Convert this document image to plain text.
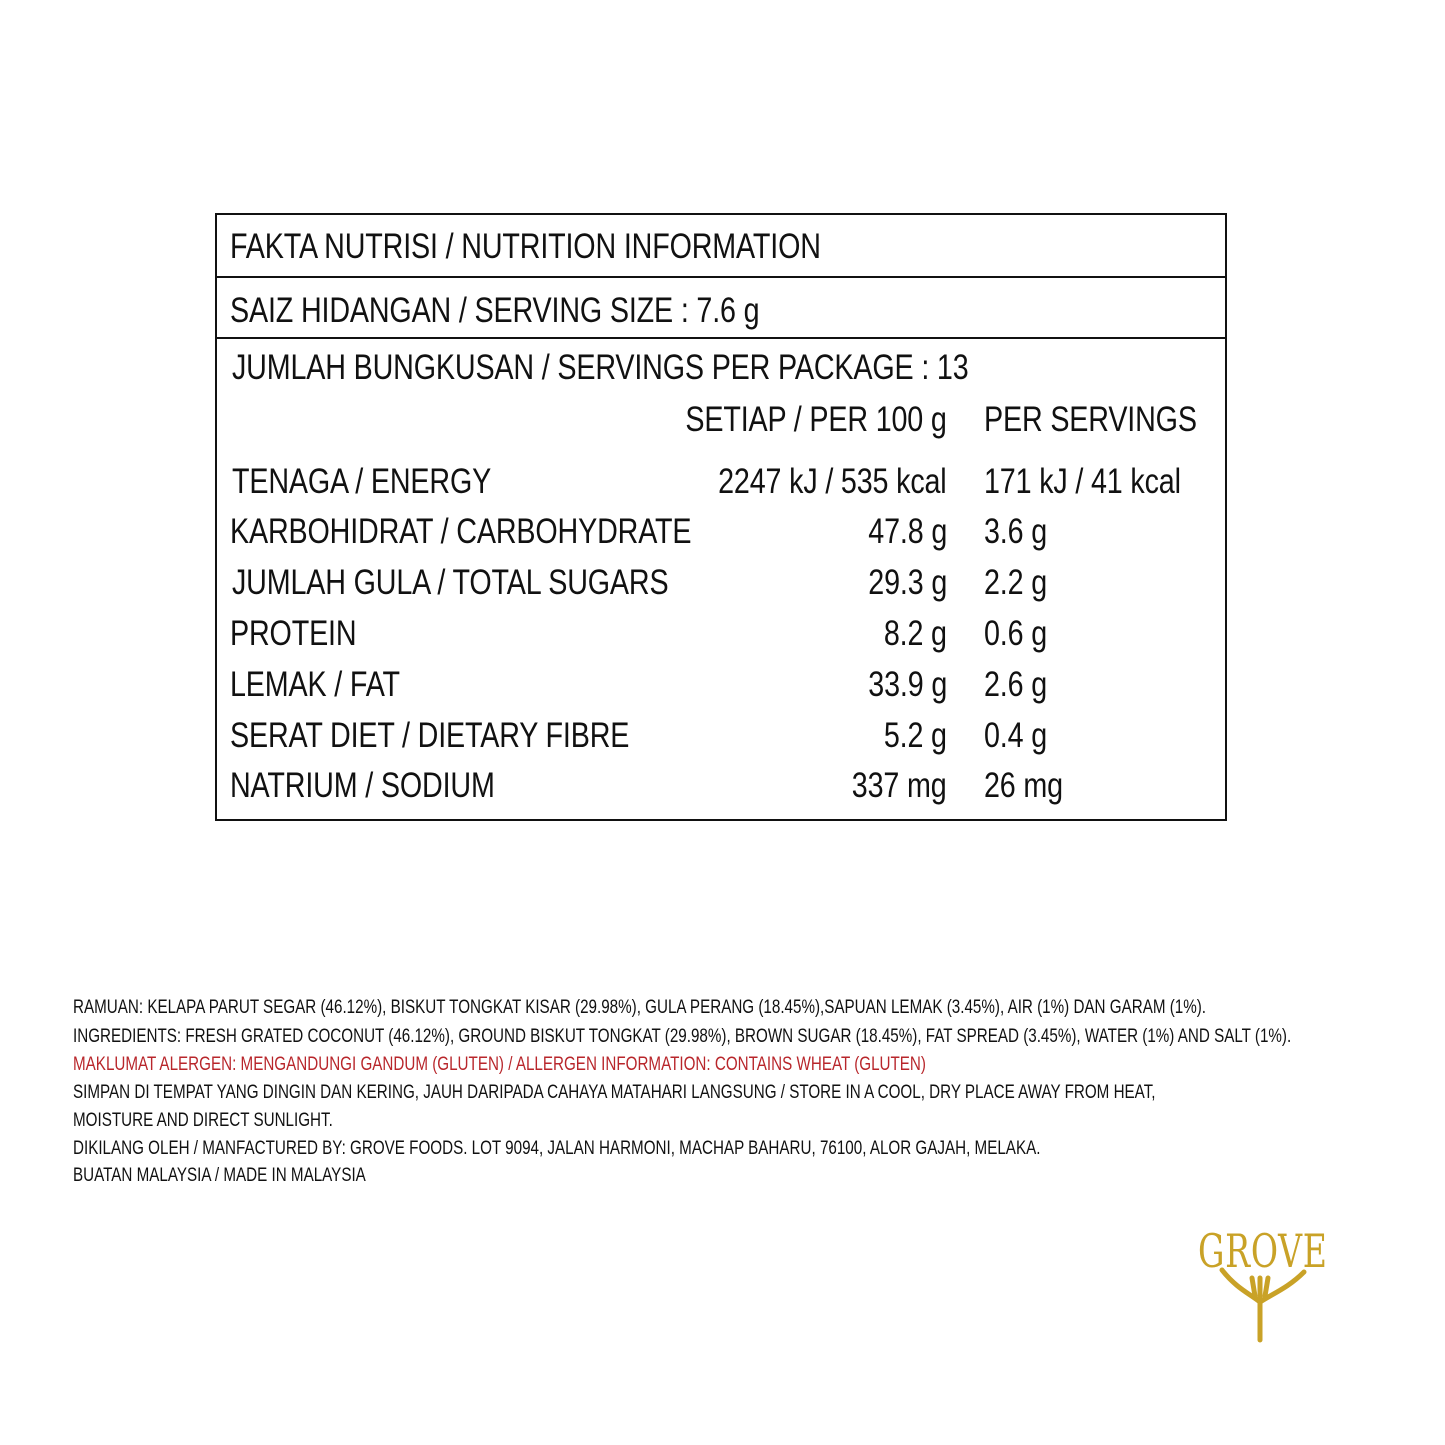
FAKTA NUTRISI / NUTRITION INFORMATION
SAIZ HIDANGAN / SERVING SIZE : 7.6 g
JUMLAH BUNGKUSAN / SERVINGS PER PACKAGE : 13
SETIAP / PER 100 g PER SERVINGS
TENAGA / ENERGY	2247 kJ / 535 kcal 171 kJ / 41 kcal
KARBOHIDRAT / CARBOHYDRATE	47.8 g 3.6 g
JUMLAH GULA / TOTAL SUGARS	29.3 g 2.2 g
PROTEIN	8.2 g 0.6 g
LEMAK / FAT	33.9 g 2.6 g
SERAT DIET / DIETARY FIBRE	5.2 g 0.4 g
NATRIUM / SODIUM	337 mg 26 mg
RAMUAN: KELAPA PARUT SEGAR (46.12%), BISKUT TONGKAT KISAR (29.98%), GULA PERANG (18.45%),SAPUAN LEMAK (3.45%), AIR (1%) DAN GARAM (1%).
INGREDIENTS: FRESH GRATED COCONUT (46.12%), GROUND BISKUT TONGKAT (29.98%), BROWN SUGAR (18.45%), FAT SPREAD (3.45%), WATER (1%) AND SALT (1%).
MAKLUMAT ALERGEN: MENGANDUNGI GANDUM (GLUTEN) / ALLERGEN INFORMATION: CONTAINS WHEAT (GLUTEN)
SIMPAN DI TEMPAT YANG DINGIN DAN KERING, JAUH DARIPADA CAHAYA MATAHARI LANGSUNG / STORE IN A COOL, DRY PLACE AWAY FROM HEAT,
MOISTURE AND DIRECT SUNLIGHT.
DIKILANG OLEH / MANFACTURED BY: GROVE FOODS. LOT 9094, JALAN HARMONI, MACHAP BAHARU, 76100, ALOR GAJAH, MELAKA.
BUATAN MALAYSIA / MADE IN MALAYSIA
GROVE
